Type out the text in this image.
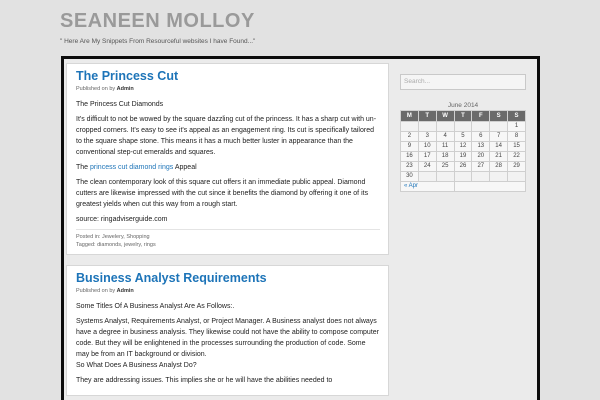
SEANEEN MOLLOY
" Here Are My Snippets From Resourceful websites I have Found..."
The Princess Cut
Published on by Admin

The Princess Cut Diamonds

It's difficult to not be wowed by the square dazzling cut of the princess. It has a sharp cut with un-cropped corners. It's easy to see it's appeal as an engagement ring. Its cut is specifically tailored to the square shape stone. This means it has a much better luster in appearance than the conventional step-cut emeralds and squares.

The princess cut diamond rings Appeal

The clean contemporary look of this square cut offers it an immediate public appeal. Diamond cutters are likewise impressed with the cut since it benefits the diamond by offering it one of its greatest yields when cut this way from a rough start.

source: ringadviserguide.com

Posted in: Jewelery, Shopping
Tagged: diamonds, jewelry, rings
Business Analyst Requirements
Published on by Admin

Some Titles Of A Business Analyst Are As Follows:.

Systems Analyst, Requirements Analyst, or Project Manager. A Business analyst does not always have a degree in business analysis. They likewise could not have the ability to compose computer code. But they will be enlightened in the processes surrounding the production of code. Some may be from an IT background or division.

So What Does A Business Analyst Do?

They are addressing issues. This implies she or he will have the abilities needed to

Search...
June 2014
M	T	W	T	F	S	S
						1
2	3	4	5	6	7	8
9	10	11	12	13	14	15
16	17	18	19	20	21	22
23	24	25	26	27	28	29
30						
« Apr						
